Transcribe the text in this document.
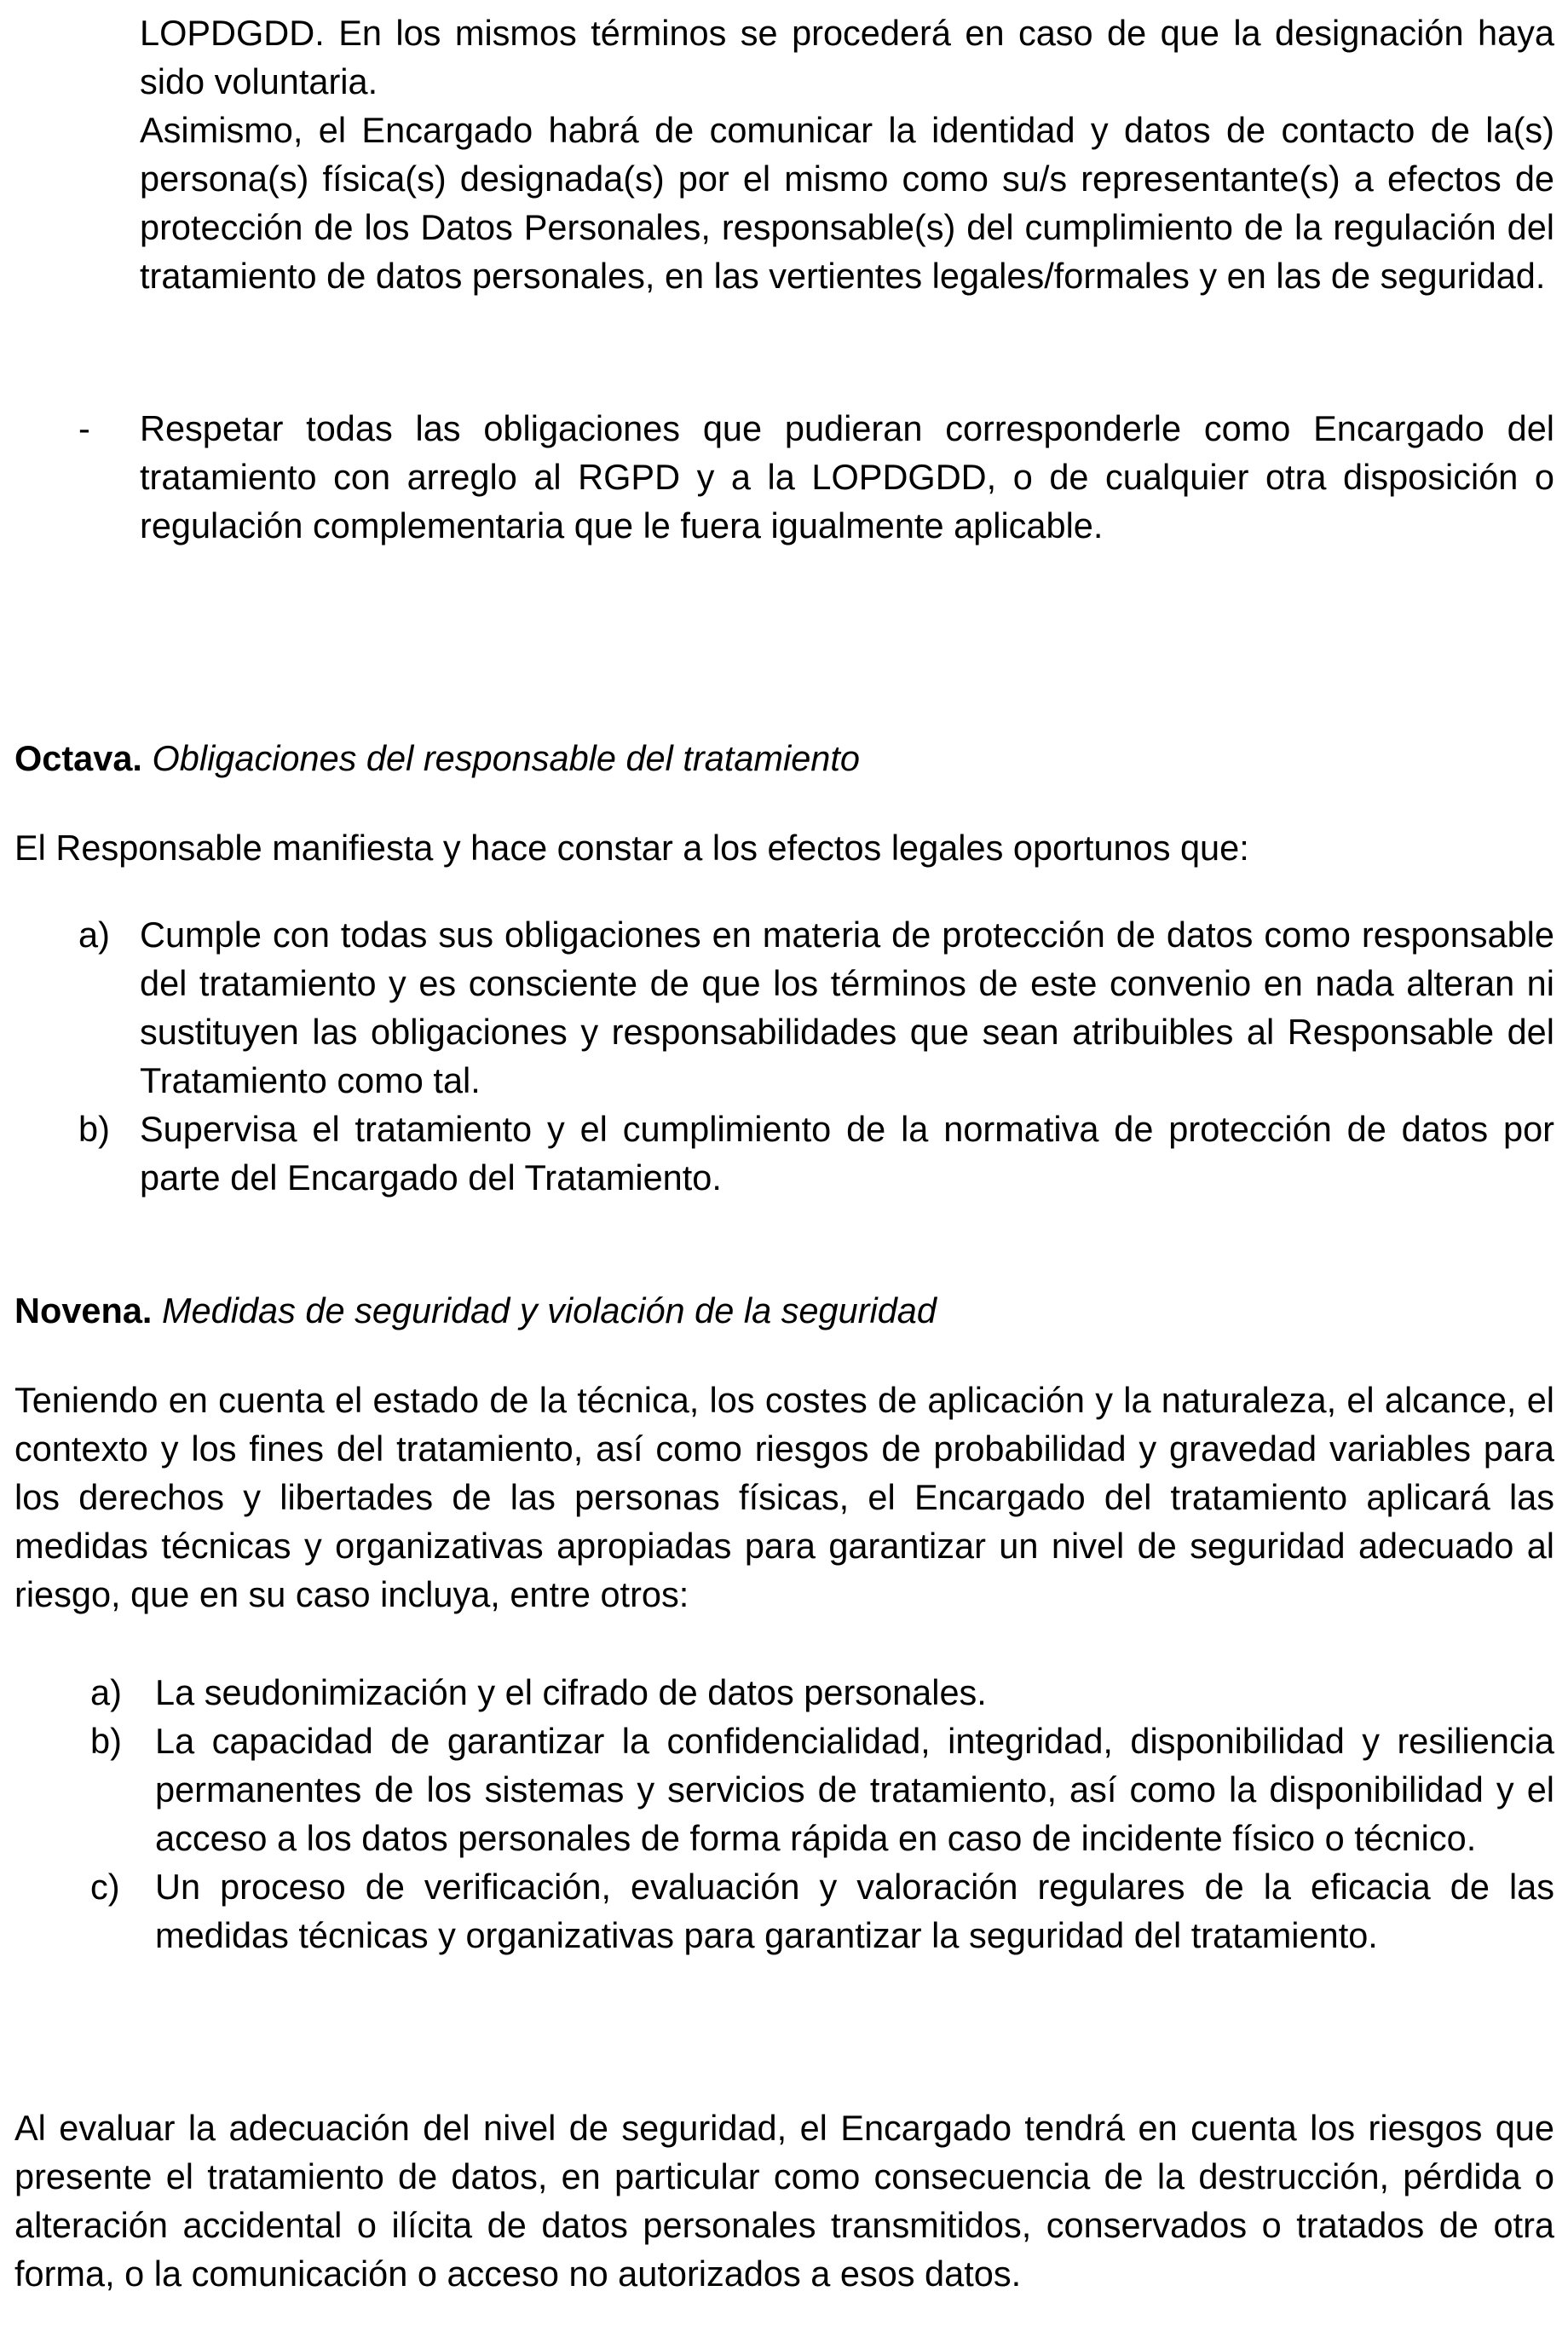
LOPDGDD. En los mismos términos se procederá en caso de que la designación haya sido voluntaria.

Asimismo, el Encargado habrá de comunicar la identidad y datos de contacto de la(s) persona(s) física(s) designada(s) por el mismo como su/s representante(s) a efectos de protección de los Datos Personales, responsable(s) del cumplimiento de la regulación del tratamiento de datos personales, en las vertientes legales/formales y en las de seguridad.

- Respetar todas las obligaciones que pudieran corresponderle como Encargado del tratamiento con arreglo al RGPD y a la LOPDGDD, o de cualquier otra disposición o regulación complementaria que le fuera igualmente aplicable.
Octava. Obligaciones del responsable del tratamiento
El Responsable manifiesta y hace constar a los efectos legales oportunos que:
a) Cumple con todas sus obligaciones en materia de protección de datos como responsable del tratamiento y es consciente de que los términos de este convenio en nada alteran ni sustituyen las obligaciones y responsabilidades que sean atribuibles al Responsable del Tratamiento como tal.
b) Supervisa el tratamiento y el cumplimiento de la normativa de protección de datos por parte del Encargado del Tratamiento.
Novena. Medidas de seguridad y violación de la seguridad
Teniendo en cuenta el estado de la técnica, los costes de aplicación y la naturaleza, el alcance, el contexto y los fines del tratamiento, así como riesgos de probabilidad y gravedad variables para los derechos y libertades de las personas físicas, el Encargado del tratamiento aplicará las medidas técnicas y organizativas apropiadas para garantizar un nivel de seguridad adecuado al riesgo, que en su caso incluya, entre otros:
a) La seudonimización y el cifrado de datos personales.
b) La capacidad de garantizar la confidencialidad, integridad, disponibilidad y resiliencia permanentes de los sistemas y servicios de tratamiento, así como la disponibilidad y el acceso a los datos personales de forma rápida en caso de incidente físico o técnico.
c) Un proceso de verificación, evaluación y valoración regulares de la eficacia de las medidas técnicas y organizativas para garantizar la seguridad del tratamiento.
Al evaluar la adecuación del nivel de seguridad, el Encargado tendrá en cuenta los riesgos que presente el tratamiento de datos, en particular como consecuencia de la destrucción, pérdida o alteración accidental o ilícita de datos personales transmitidos, conservados o tratados de otra forma, o la comunicación o acceso no autorizados a esos datos.
